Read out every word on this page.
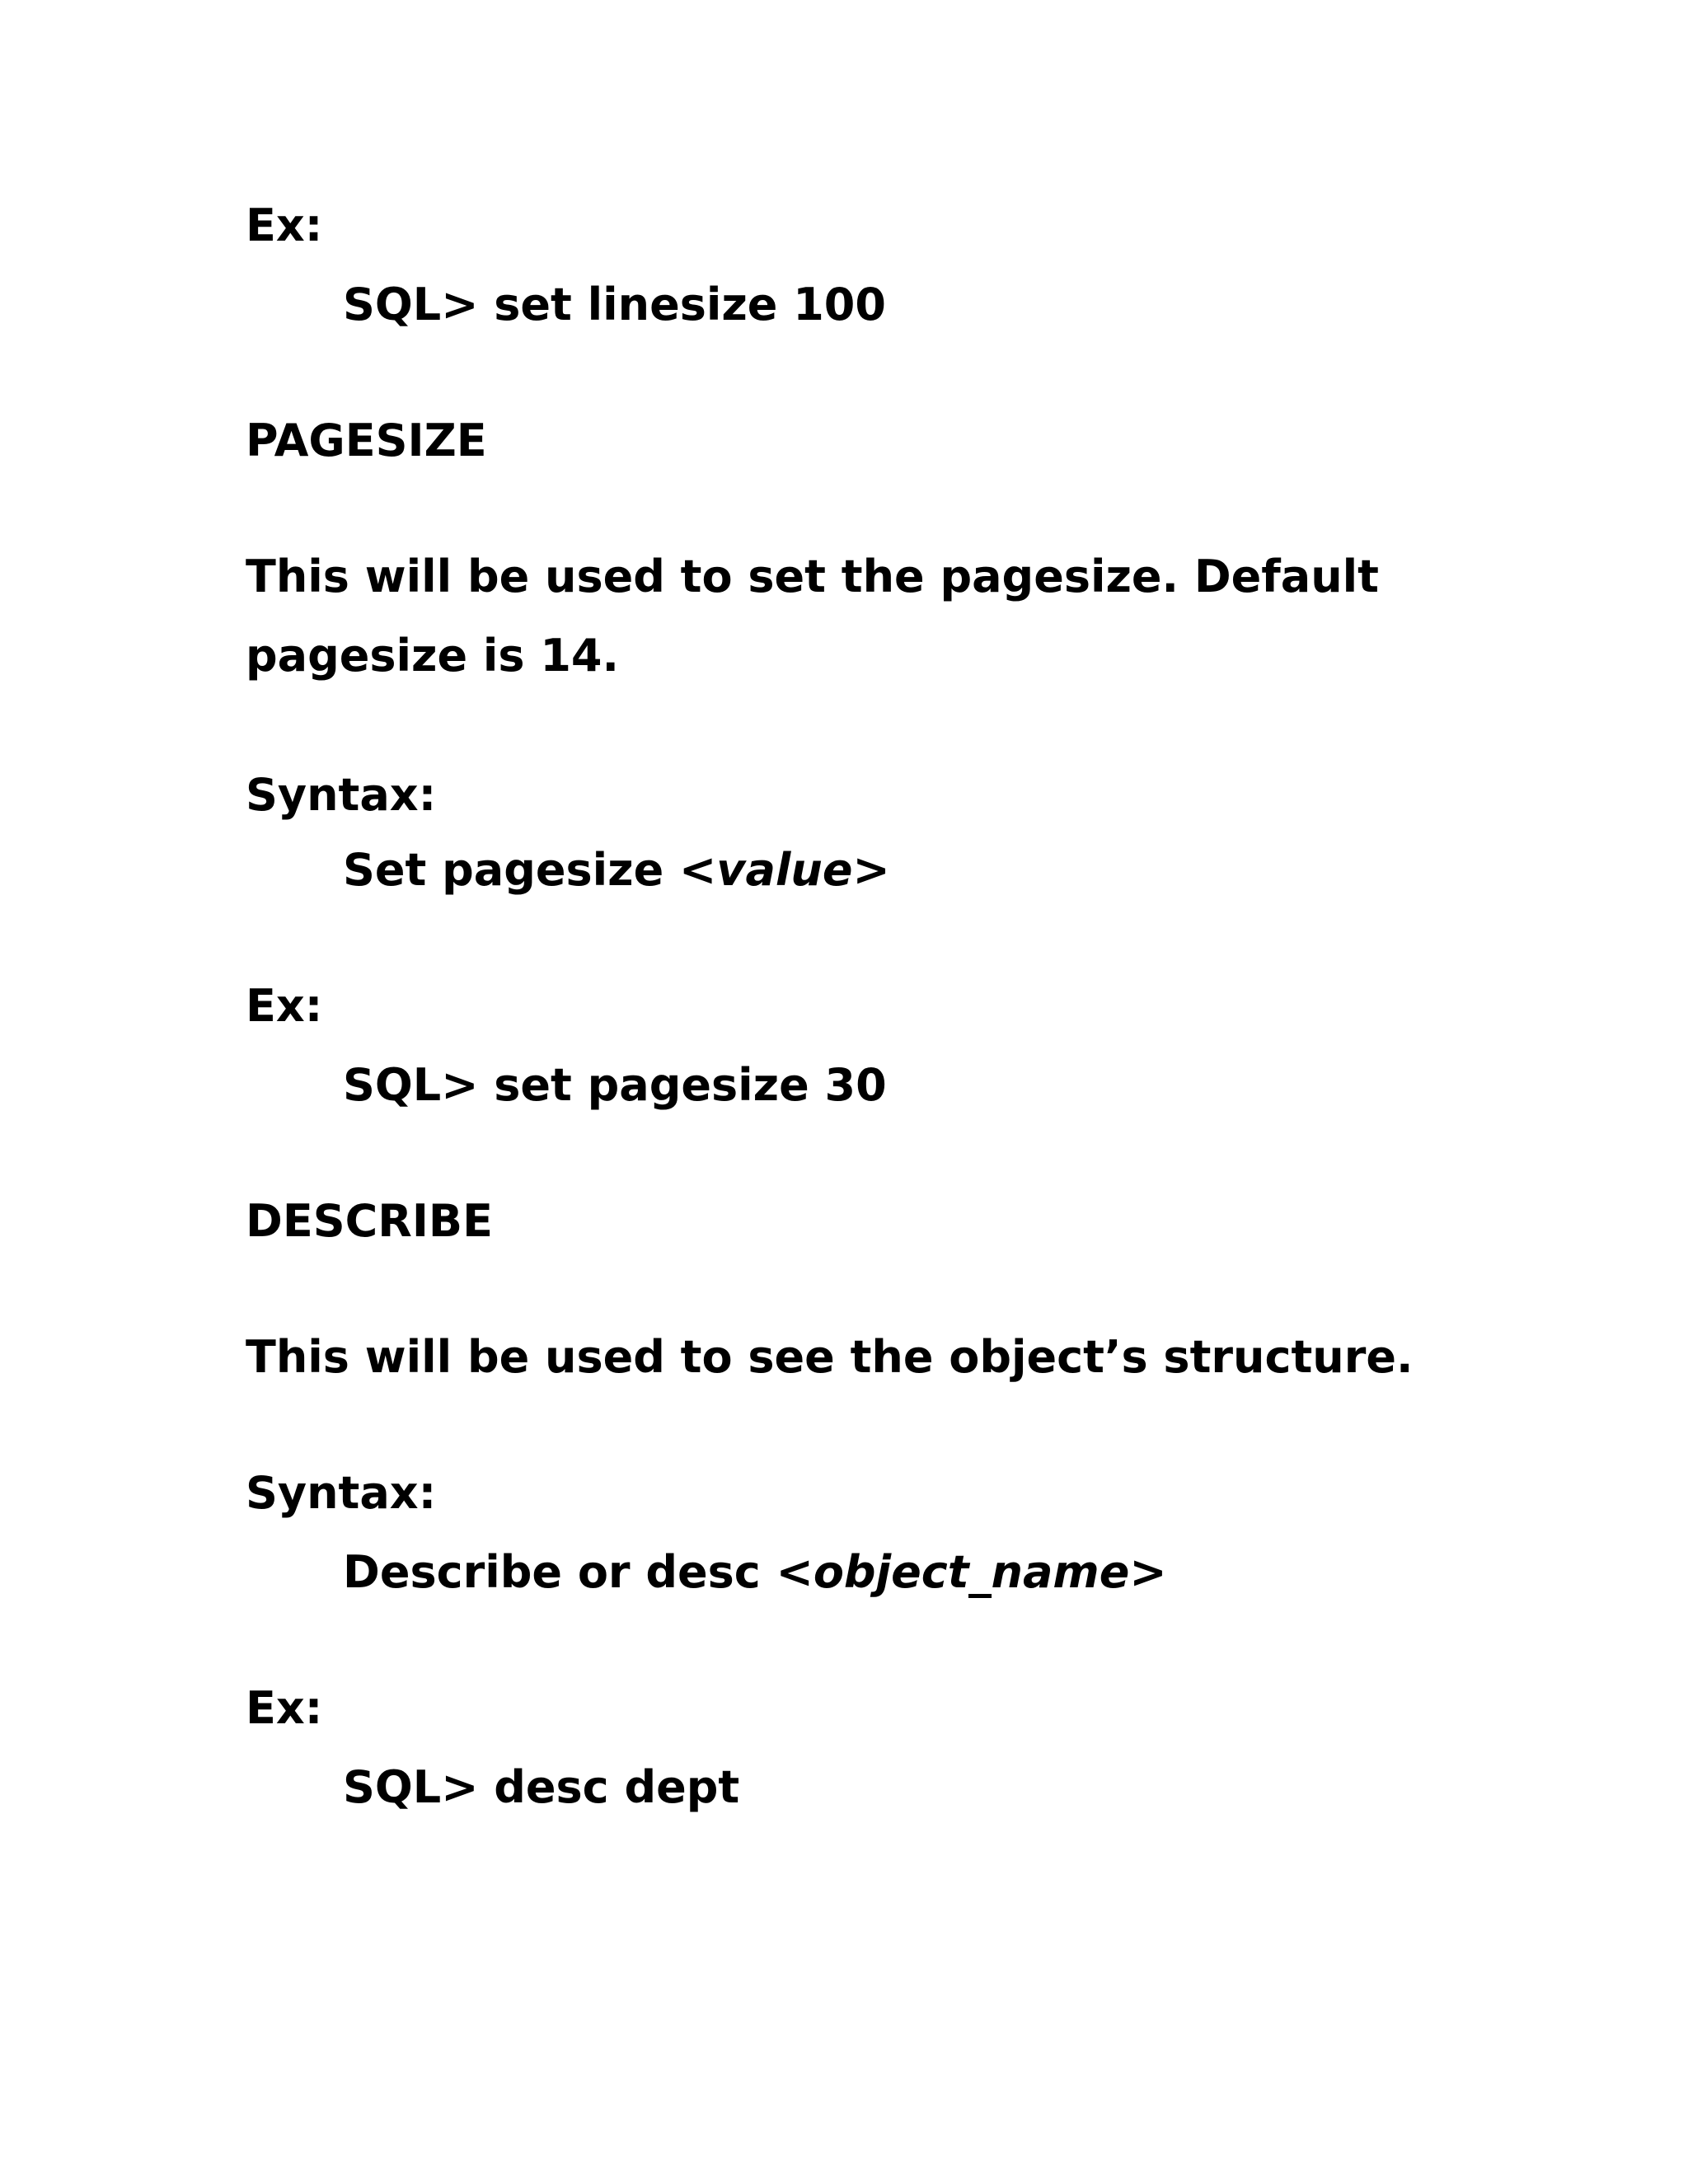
Ex:
SQL> set linesize 100
PAGESIZE
This will be used to set the pagesize. Default pagesize is 14.
Syntax:
Set pagesize <value>
Ex:
SQL> set pagesize 30
DESCRIBE
This will be used to see the object’s structure.
Syntax:
Describe or desc <object_name>
Ex:
SQL> desc dept
